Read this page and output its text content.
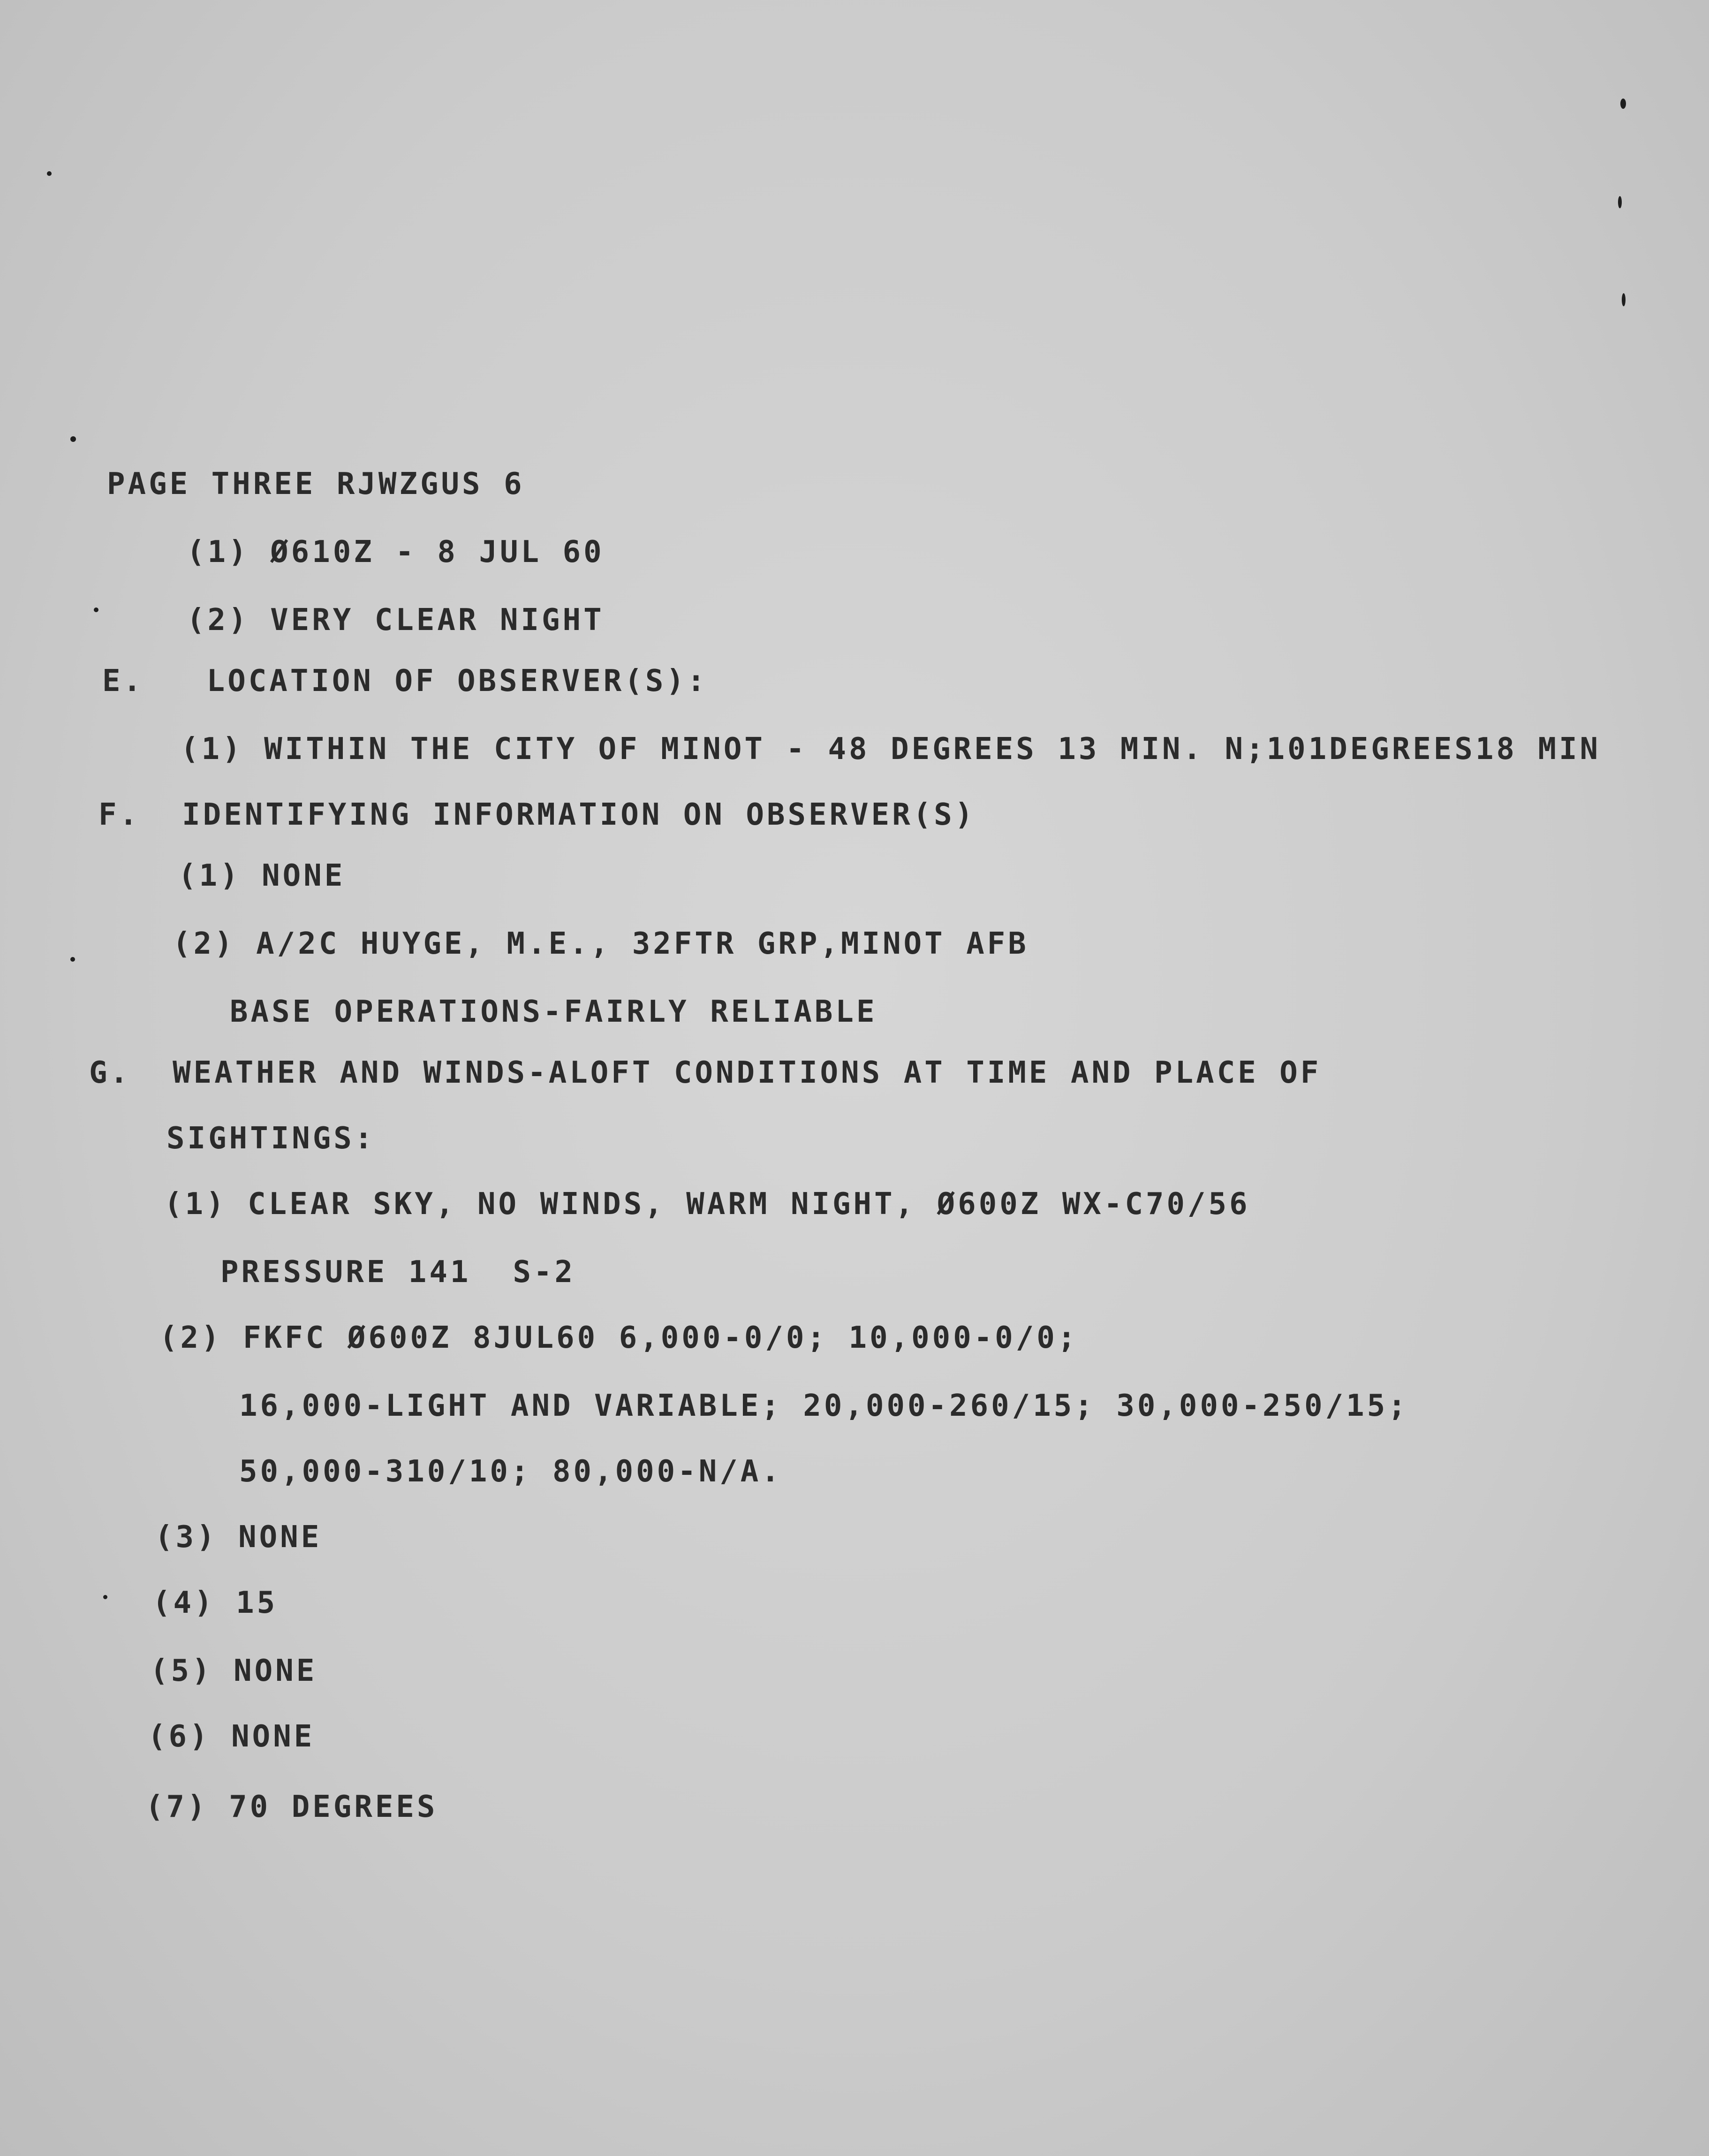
PAGE THREE RJWZGUS 6
(1) Ø610Z - 8 JUL 60
(2) VERY CLEAR NIGHT
E.   LOCATION OF OBSERVER(S):
(1) WITHIN THE CITY OF MINOT - 48 DEGREES 13 MIN. N;101DEGREES18 MIN
F.  IDENTIFYING INFORMATION ON OBSERVER(S)
(1) NONE
(2) A/2C HUYGE, M.E., 32FTR GRP,MINOT AFB
BASE OPERATIONS-FAIRLY RELIABLE
G.  WEATHER AND WINDS-ALOFT CONDITIONS AT TIME AND PLACE OF
SIGHTINGS:
(1) CLEAR SKY, NO WINDS, WARM NIGHT, Ø600Z WX-C70/56
PRESSURE 141  S-2
(2) FKFC Ø600Z 8JUL60 6,000-0/0; 10,000-0/0;
16,000-LIGHT AND VARIABLE; 20,000-260/15; 30,000-250/15;
50,000-310/10; 80,000-N/A.
(3) NONE
(4) 15
(5) NONE
(6) NONE
(7) 70 DEGREES
